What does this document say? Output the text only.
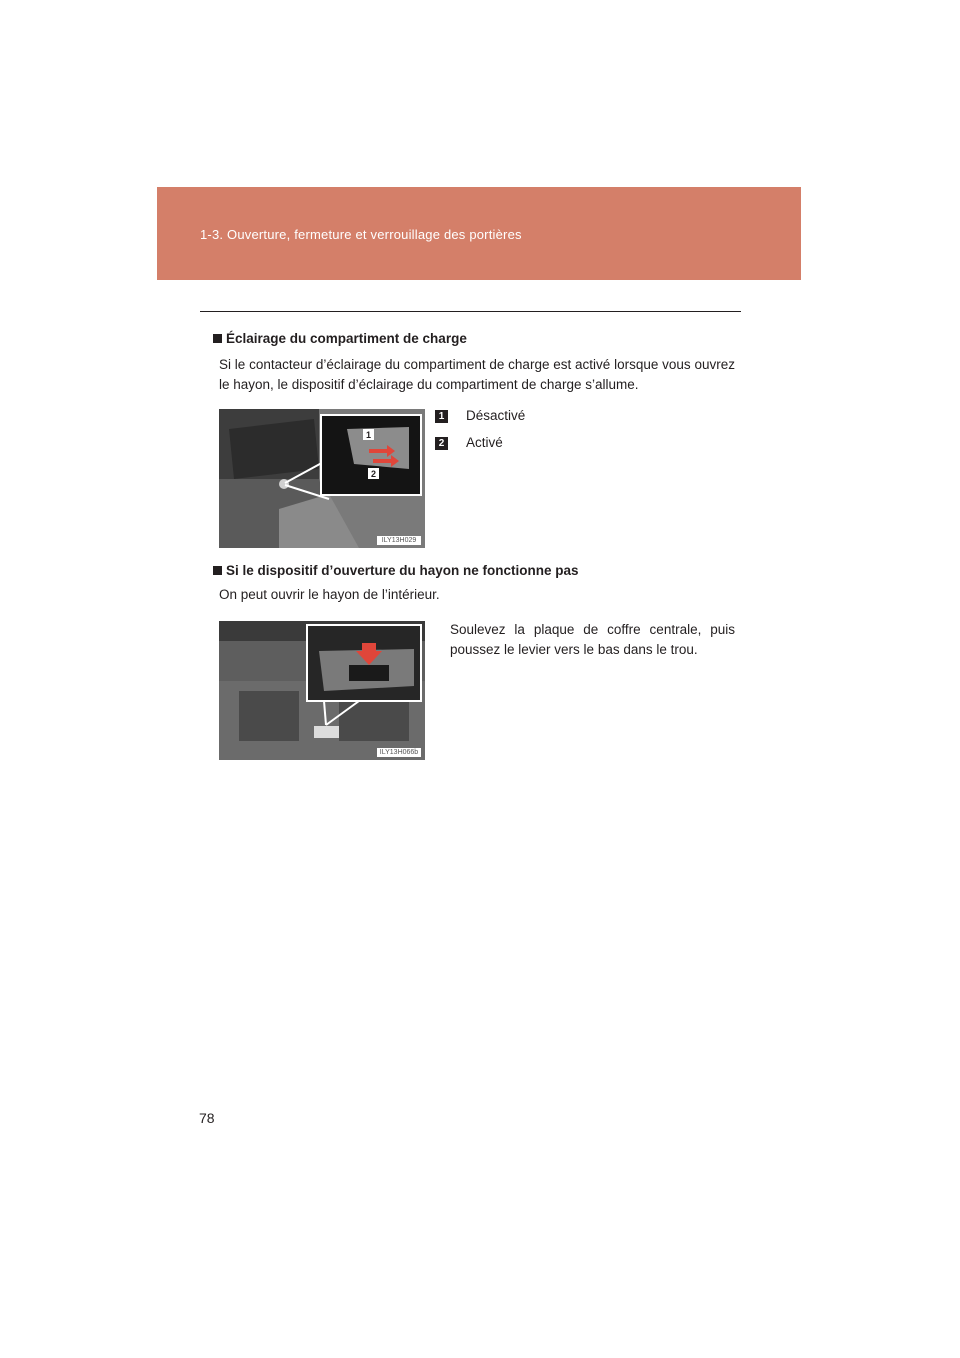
1-3. Ouverture, fermeture et verrouillage des portières
Éclairage du compartiment de charge
Si le contacteur d’éclairage du compartiment de charge est activé lorsque vous ouvrez le hayon, le dispositif d’éclairage du compartiment de charge s’allume.
1
2
ILY13H029
1 Désactivé
2 Activé
Si le dispositif d’ouverture du hayon ne fonctionne pas
On peut ouvrir le hayon de l’intérieur.
ILY13H066b
Soulevez la plaque de coffre centrale, puis poussez le levier vers le bas dans le trou.
78
